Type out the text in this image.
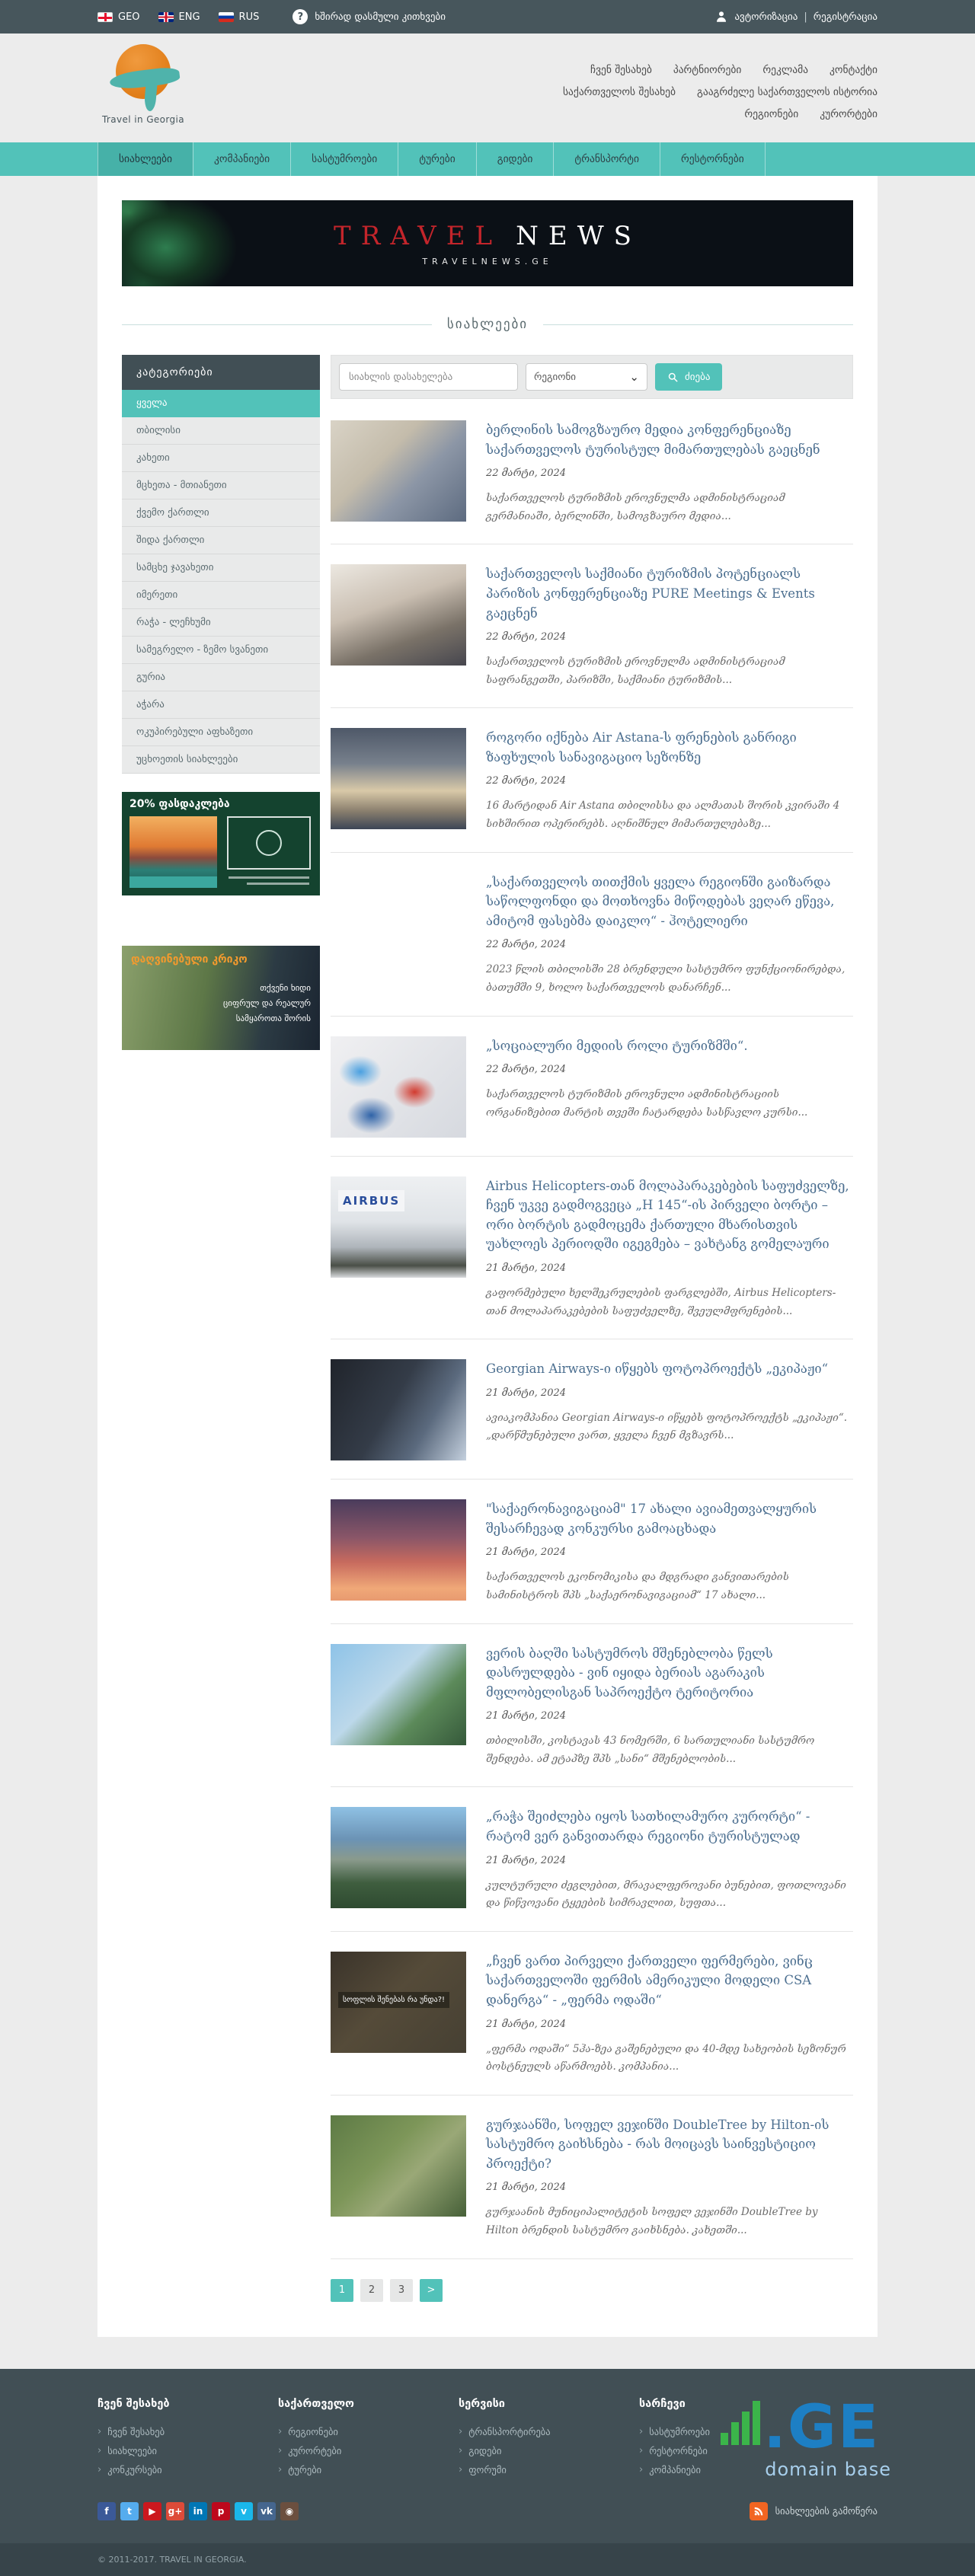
GEO	ENG	RUS	?	ხშირად დასმული კითხვები	ავტორიზაცია | რეგისტრაცია
Travel in Georgia
ჩვენ შესახებ პარტნიორები რეკლამა კონტაქტი
საქართველოს შესახებ გააგრძელე საქართველოს ისტორია
რეგიონები კურორტები
სიახლეები	კომპანიები	სასტუმროები	ტურები	გიდები	ტრანსპორტი	რესტორნები
TRAVEL NEWS
TRAVELNEWS.GE
სიახლეები
კატეგორიები
ყველა
თბილისი
კახეთი
მცხეთა - მთიანეთი
ქვემო ქართლი
შიდა ქართლი
სამცხე ჯავახეთი
იმერეთი
რაჭა - ლეჩხუმი
სამეგრელო - ზემო სვანეთი
გურია
აჭარა
ოკუპირებული აფხაზეთი
უცხოეთის სიახლეები
20% ფასდაკლება
დაღვინებული კრიკო
თქვენი ხიდი
ციფრულ და რეალურ
სამყაროთა შორის
სიახლის დასახელება
რეგიონი	⌄	ძიება
ბერლინის სამოგზაურო მედია კონფერენციაზე საქართველოს ტურისტულ მიმართულებას გაეცნენ
22 მარტი, 2024
საქართველოს ტურიზმის ეროვნულმა ადმინისტრაციამ გერმანიაში, ბერლინში, სამოგზაურო მედია...
საქართველოს საქმიანი ტურიზმის პოტენციალს პარიზის კონფერენციაზე PURE Meetings & Events გაეცნენ
22 მარტი, 2024
საქართველოს ტურიზმის ეროვნულმა ადმინისტრაციამ საფრანგეთში, პარიზში, საქმიანი ტურიზმის...
როგორი იქნება Air Astana-ს ფრენების განრიგი ზაფხულის სანავიგაციო სეზონზე
22 მარტი, 2024
16 მარტიდან Air Astana თბილისსა და ალმათას შორის კვირაში 4 სიხშირით ოპერირებს. აღნიშნულ მიმართულებაზე...
„საქართველოს თითქმის ყველა რეგიონში გაიზარდა საწოლფონდი და მოთხოვნა მიწოდებას ვეღარ ეწევა, ამიტომ ფასებმა დაიკლო“ - ჰოტელიერი
22 მარტი, 2024
2023 წლის თბილისში 28 ბრენდული სასტუმრო ფუნქციონირებდა, ბათუმში 9, ხოლო საქართველოს დანარჩენ...
„სოციალური მედიის როლი ტურიზმში“.
22 მარტი, 2024
საქართველოს ტურიზმის ეროვნული ადმინისტრაციის ორგანიზებით მარტის თვეში ჩატარდება სასწავლო კურსი...
AIRBUS
Airbus Helicopters-თან მოლაპარაკებების საფუძველზე, ჩვენ უკვე გადმოგვეცა „H 145“-ის პირველი ბორტი – ორი ბორტის გადმოცემა ქართული მხარისთვის უახლოეს პერიოდში იგეგმება – ვახტანგ გომელაური
21 მარტი, 2024
გაფორმებული ხელშეკრულების ფარგლებში, Airbus Helicopters-თან მოლაპარაკებების საფუძველზე, შვეულმფრენების...
Georgian Airways-ი იწყებს ფოტოპროექტს „ეკიპაჟი“
21 მარტი, 2024
ავიაკომპანია Georgian Airways-ი იწყებს ფოტოპროექტს „ეკიპაჟი“. „დარწმუნებული ვართ, ყველა ჩვენ მგზავრს...
"საქაერონავიგაციამ" 17 ახალი ავიამეთვალყურის შესარჩევად კონკურსი გამოაცხადა
21 მარტი, 2024
საქართველოს ეკონომიკისა და მდგრადი განვითარების სამინისტროს შპს „საქაერონავიგაციამ“ 17 ახალი...
ვერის ბაღში სასტუმროს მშენებლობა წელს დასრულდება - ვინ იყიდა ბერიას აგარაკის მფლობელისგან საპროექტო ტერიტორია
21 მარტი, 2024
თბილისში, კოსტავას 43 ნომერში, 6 სართულიანი სასტუმრო შენდება. ამ ეტაპზე შპს „სანი“ მშენებლობის...
„რაჭა შეიძლება იყოს სათხილამურო კურორტი“ - რატომ ვერ განვითარდა რეგიონი ტურისტულად
21 მარტი, 2024
კულტურული ძეგლებით, მრავალფეროვანი ბუნებით, ფოთლოვანი და წიწვოვანი ტყეების სიმრავლით, სუფთა...
სოფლის შენებას რა უნდა?!
„ჩვენ ვართ პირველი ქართველი ფერმერები, ვინც საქართველოში ფერმის ამერიკული მოდელი CSA დანერგა“ - „ფერმა ოდაში“
21 მარტი, 2024
„ფერმა ოდაში“ 5ჰა-ზეა გაშენებული და 40-მდე სახეობის სეზონურ ბოსტნეულს აწარმოებს. კომპანია...
გურჯაანში, სოფელ ვეჯინში DoubleTree by Hilton-ის სასტუმრო გაიხსნება - რას მოიცავს საინვესტიციო პროექტი?
21 მარტი, 2024
გურჯაანის მუნიციპალიტეტის სოფელ ვეჯინში DoubleTree by Hilton ბრენდის სასტუმრო გაიხსნება. კახეთში...
1	2	3	>
ჩვენ შესახებ
› ჩვენ შესახებ
› სიახლეები
› კონკურსები
საქართველო
› რეგიონები
› კურორტები
› ტურები
სერვისი
› ტრანსპორტირება
› გიდები
› ფორუმი
სარჩევი
› სასტუმროები
› რესტორნები
› კომპანიები
.GE
domain base
f t ▶ g+ in p v vk ◉	სიახლეების გამოწერა
© 2011-2017. TRAVEL IN GEORGIA.
